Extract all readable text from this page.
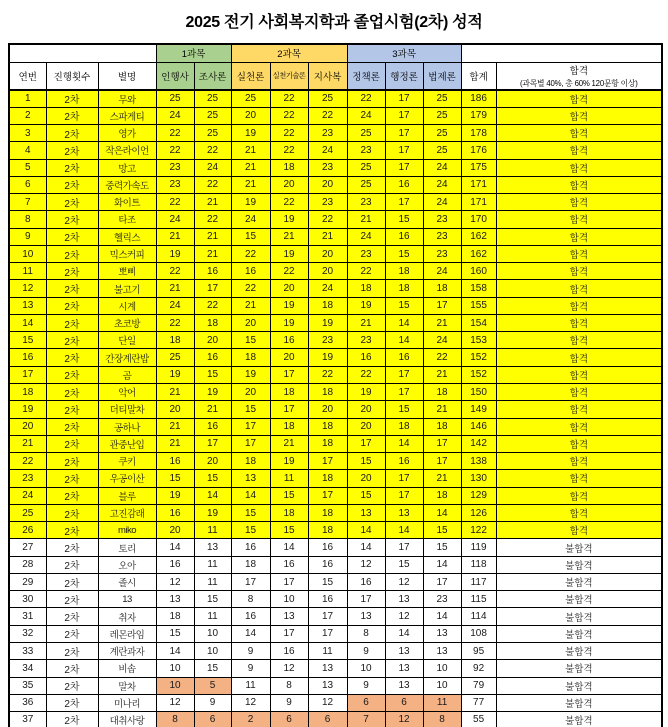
2025 전기 사회복지학과 졸업시험(2차) 성적
			1과목		2과목			3과목				
연번	진행횟수	별명	인행사	조사론	실천론	실천기술론	지사복	정책론	행정론	법제론	합계	합격
(과목별 40%, 총 60% 120문항 이상)

1	2차	무와	25	25	25	22	25	22	17	25	186	합격
2	2차	스파게티	24	25	20	22	22	24	17	25	179	합격
3	2차	영가	22	25	19	22	23	25	17	25	178	합격
4	2차	작은라이언	22	22	21	22	24	23	17	25	176	합격
5	2차	망고	23	24	21	18	23	25	17	24	175	합격
6	2차	중력가속도	23	22	21	20	20	25	16	24	171	합격
7	2차	화이트	22	21	19	22	23	23	17	24	171	합격
8	2차	타조	24	22	24	19	22	21	15	23	170	합격
9	2차	헬릭스	21	21	15	21	21	24	16	23	162	합격
10	2차	믹스커피	19	21	22	19	20	23	15	23	162	합격
11	2차	뽀삐	22	16	16	22	20	22	18	24	160	합격
12	2차	불고기	21	17	22	20	24	18	18	18	158	합격
13	2차	시계	24	22	21	19	18	19	15	17	155	합격
14	2차	초코방	22	18	20	19	19	21	14	21	154	합격
15	2차	단일	18	20	15	16	23	23	14	24	153	합격
16	2차	간장계란밥	25	16	18	20	19	16	16	22	152	합격
17	2차	곰	19	15	19	17	22	22	17	21	152	합격
18	2차	악어	21	19	20	18	18	19	17	18	150	합격
19	2차	더티말차	20	21	15	17	20	20	15	21	149	합격
20	2차	공하나	21	16	17	18	18	20	18	18	146	합격
21	2차	관중난입	21	17	17	21	18	17	14	17	142	합격
22	2차	쿠키	16	20	18	19	17	15	16	17	138	합격
23	2차	우공이산	15	15	13	11	18	20	17	21	130	합격
24	2차	블루	19	14	14	15	17	15	17	18	129	합격
25	2차	고진감래	16	19	15	18	18	13	13	14	126	합격
26	2차	miko	20	11	15	15	18	14	14	15	122	합격
27	2차	토리	14	13	16	14	16	14	17	15	119	불합격
28	2차	오아	16	11	18	16	16	12	15	14	118	불합격
29	2차	졸시	12	11	17	17	15	16	12	17	117	불합격
30	2차	13	13	15	8	10	16	17	13	23	115	불합격
31	2차	취자	18	11	16	13	17	13	12	14	114	불합격
32	2차	레몬라임	15	10	14	17	17	8	14	13	108	불합격
33	2차	계란과자	14	10	9	16	11	9	13	13	95	불합격
34	2차	비솝	10	15	9	12	13	10	13	10	92	불합격
35	2차	말차	10	5	11	8	13	9	13	10	79	불합격
36	2차	미나리	12	9	12	9	12	6	6	11	77	불합격
37	2차	대취사랑	8	6	2	6	6	7	12	8	55	불합격
